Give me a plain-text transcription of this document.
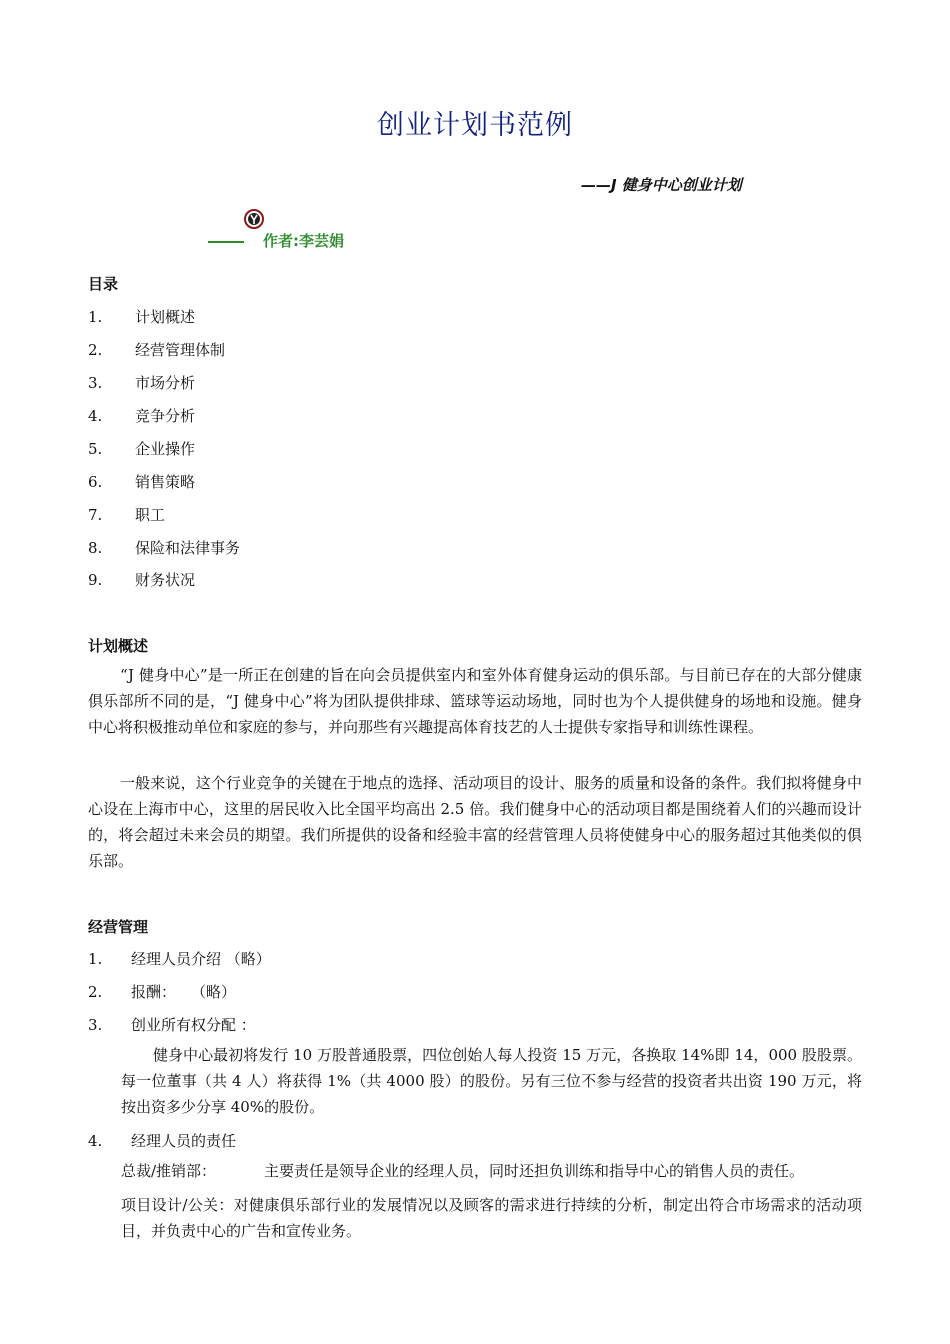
创业计划书范例
——J 健身中心创业计划
作者:李芸娟
目录
1. 计划概述
2. 经营管理体制
3. 市场分析
4. 竞争分析
5. 企业操作
6. 销售策略
7. 职工
8. 保险和法律事务
9. 财务状况
计划概述
“J 健身中心”是一所正在创建的旨在向会员提供室内和室外体育健身运动的俱乐部。与目前已存在的大部分健康俱乐部所不同的是，“J 健身中心”将为团队提供排球、篮球等运动场地，同时也为个人提供健身的场地和设施。健身中心将积极推动单位和家庭的参与，并向那些有兴趣提高体育技艺的人士提供专家指导和训练性课程。
一般来说，这个行业竞争的关键在于地点的选择、活动项目的设计、服务的质量和设备的条件。我们拟将健身中心设在上海市中心，这里的居民收入比全国平均高出 2.5 倍。我们健身中心的活动项目都是围绕着人们的兴趣而设计的，将会超过未来会员的期望。我们所提供的设备和经验丰富的经营管理人员将使健身中心的服务超过其他类似的俱乐部。
经营管理
1. 经理人员介绍 （略）
2. 报酬：　　（略）
3. 创业所有权分配 ：
健身中心最初将发行 10 万股普通股票，四位创始人每人投资 15 万元，各换取 14%即 14，000 股股票。每一位董事（共 4 人）将获得 1%（共 4000 股）的股份。另有三位不参与经营的投资者共出资 190 万元，将按出资多少分享 40%的股份。
4. 经理人员的责任
总裁/推销部：	主要责任是领导企业的经理人员，同时还担负训练和指导中心的销售人员的责任。
项目设计/公关：对健康俱乐部行业的发展情况以及顾客的需求进行持续的分析，制定出符合市场需求的活动项目，并负责中心的广告和宣传业务。
